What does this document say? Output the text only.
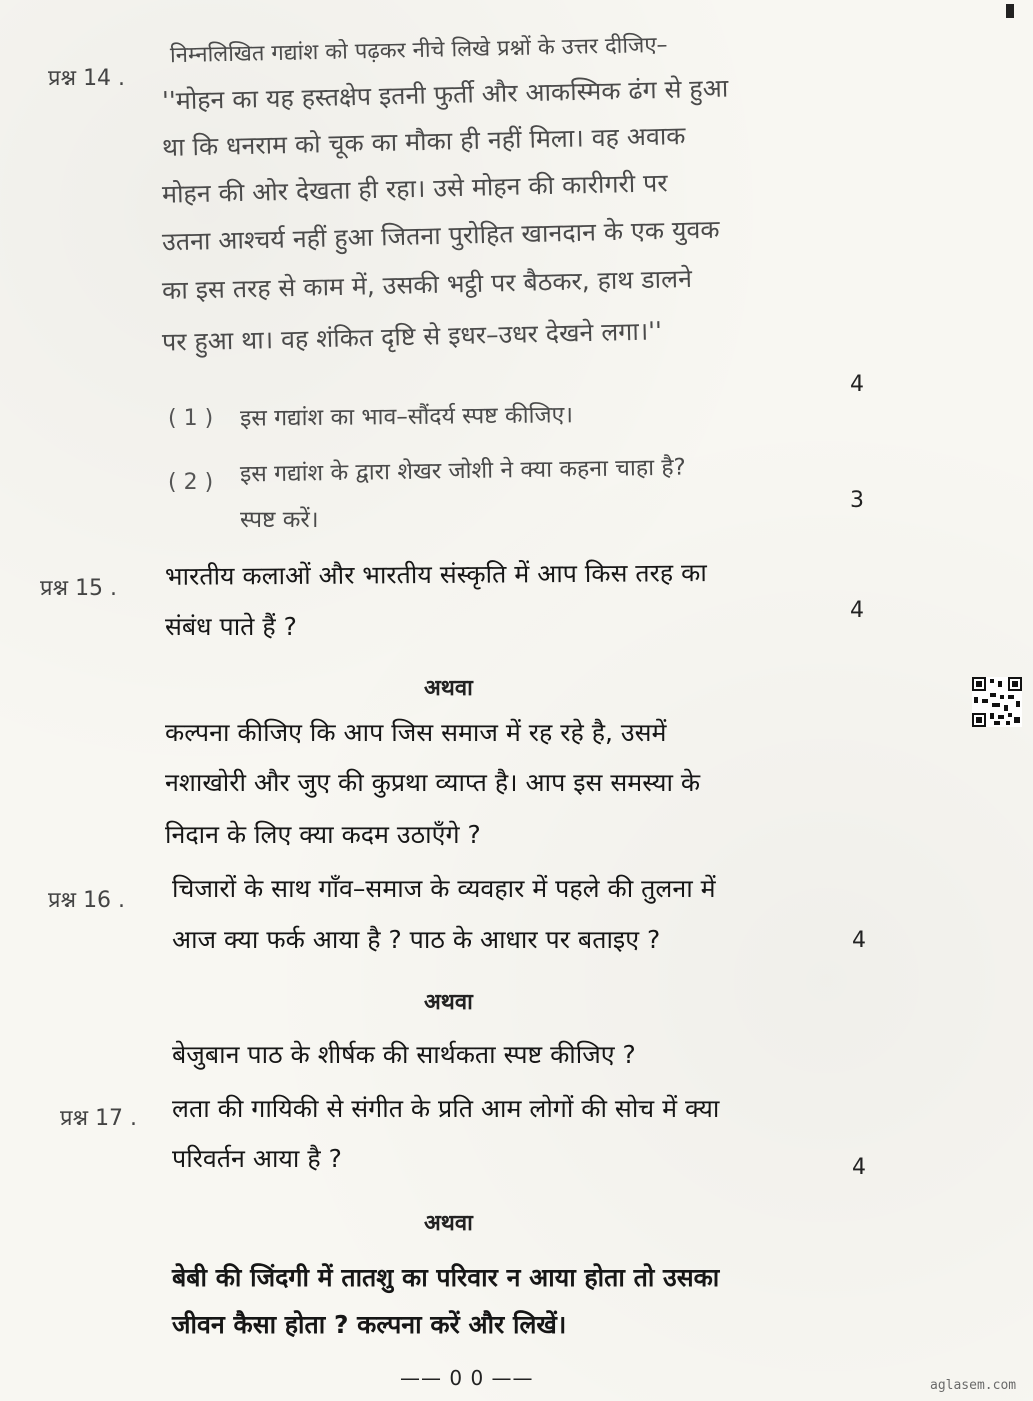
प्रश्न 14 .
निम्नलिखित गद्यांश को पढ़कर नीचे लिखे प्रश्नों के उत्तर दीजिए–
''मोहन का यह हस्तक्षेप इतनी फुर्ती और आकस्मिक ढंग से हुआ
था कि धनराम को चूक का मौका ही नहीं मिला। वह अवाक
मोहन की ओर देखता ही रहा। उसे मोहन की कारीगरी पर
उतना आश्चर्य नहीं हुआ जितना पुरोहित खानदान के एक युवक
का इस तरह से काम में, उसकी भट्ठी पर बैठकर, हाथ डालने
पर हुआ था। वह शंकित दृष्टि से इधर–उधर देखने लगा।''
( 1 ) इस गद्यांश का भाव–सौंदर्य स्पष्ट कीजिए।
4
( 2 ) इस गद्यांश के द्वारा शेखर जोशी ने क्या कहना चाहा है?
स्पष्ट करें।
3
प्रश्न 15 . भारतीय कलाओं और भारतीय संस्कृति में आप किस तरह का
संबंध पाते हैं ?
4
अथवा
कल्पना कीजिए कि आप जिस समाज में रह रहे है, उसमें
नशाखोरी और जुए की कुप्रथा व्याप्त है। आप इस समस्या के
निदान के लिए क्या कदम उठाएँगे ?
प्रश्न 16 . चिजारों के साथ गाँव–समाज के व्यवहार में पहले की तुलना में
आज क्या फर्क आया है ? पाठ के आधार पर बताइए ?	4
अथवा
बेजुबान पाठ के शीर्षक की सार्थकता स्पष्ट कीजिए ?
प्रश्न 17 . लता की गायिकी से संगीत के प्रति आम लोगों की सोच में क्या
परिवर्तन आया है ?	4
अथवा
बेबी की जिंदगी में तातशु का परिवार न आया होता तो उसका
जीवन कैसा होता ? कल्पना करें और लिखें।
—— 0 0 ——	aglasem.com
